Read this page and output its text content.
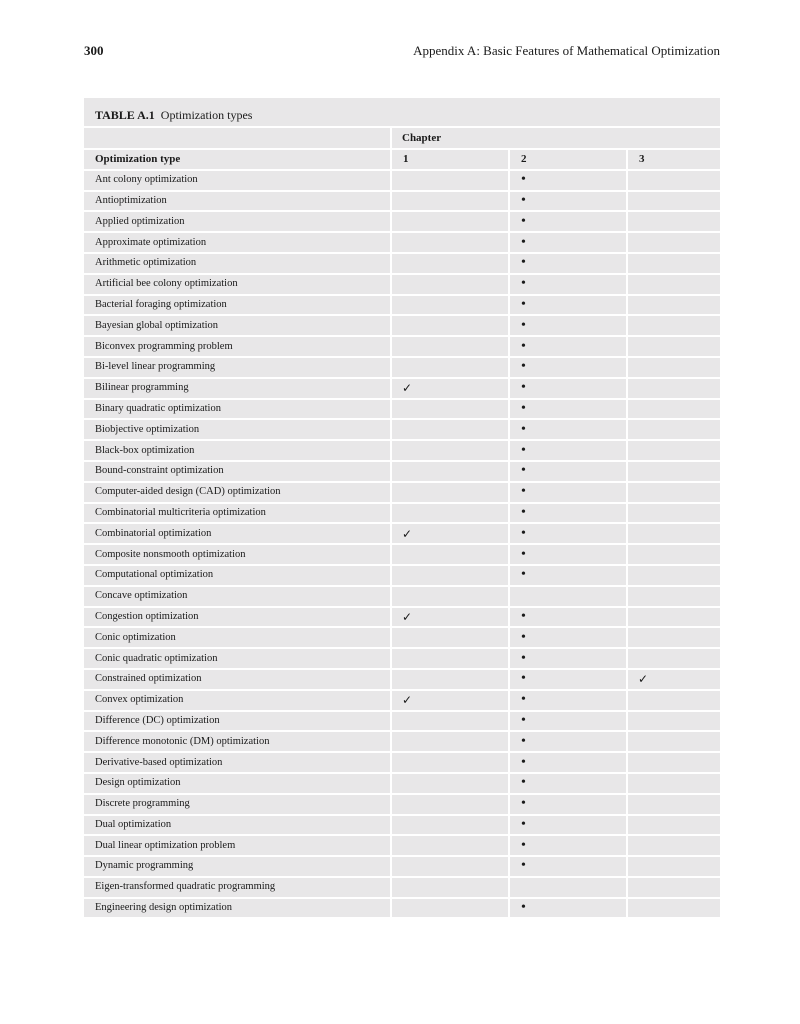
300	Appendix A: Basic Features of Mathematical Optimization
TABLE A.1 Optimization types
	Chapter		
Optimization type	1	2	3
Ant colony optimization		•	
Antioptimization		•	
Applied optimization		•	
Approximate optimization		•	
Arithmetic optimization		•	
Artificial bee colony optimization		•	
Bacterial foraging optimization		•	
Bayesian global optimization		•	
Biconvex programming problem		•	
Bi-level linear programming		•	
Bilinear programming	✓	•	
Binary quadratic optimization		•	
Biobjective optimization		•	
Black-box optimization		•	
Bound-constraint optimization		•	
Computer-aided design (CAD) optimization		•	
Combinatorial multicriteria optimization		•	
Combinatorial optimization	✓	•	
Composite nonsmooth optimization		•	
Computational optimization		•	
Concave optimization			
Congestion optimization	✓	•	
Conic optimization		•	
Conic quadratic optimization		•	
Constrained optimization		•	✓
Convex optimization	✓	•	
Difference (DC) optimization		•	
Difference monotonic (DM) optimization		•	
Derivative-based optimization		•	
Design optimization		•	
Discrete programming		•	
Dual optimization		•	
Dual linear optimization problem		•	
Dynamic programming		•	
Eigen-transformed quadratic programming			
Engineering design optimization		•	
